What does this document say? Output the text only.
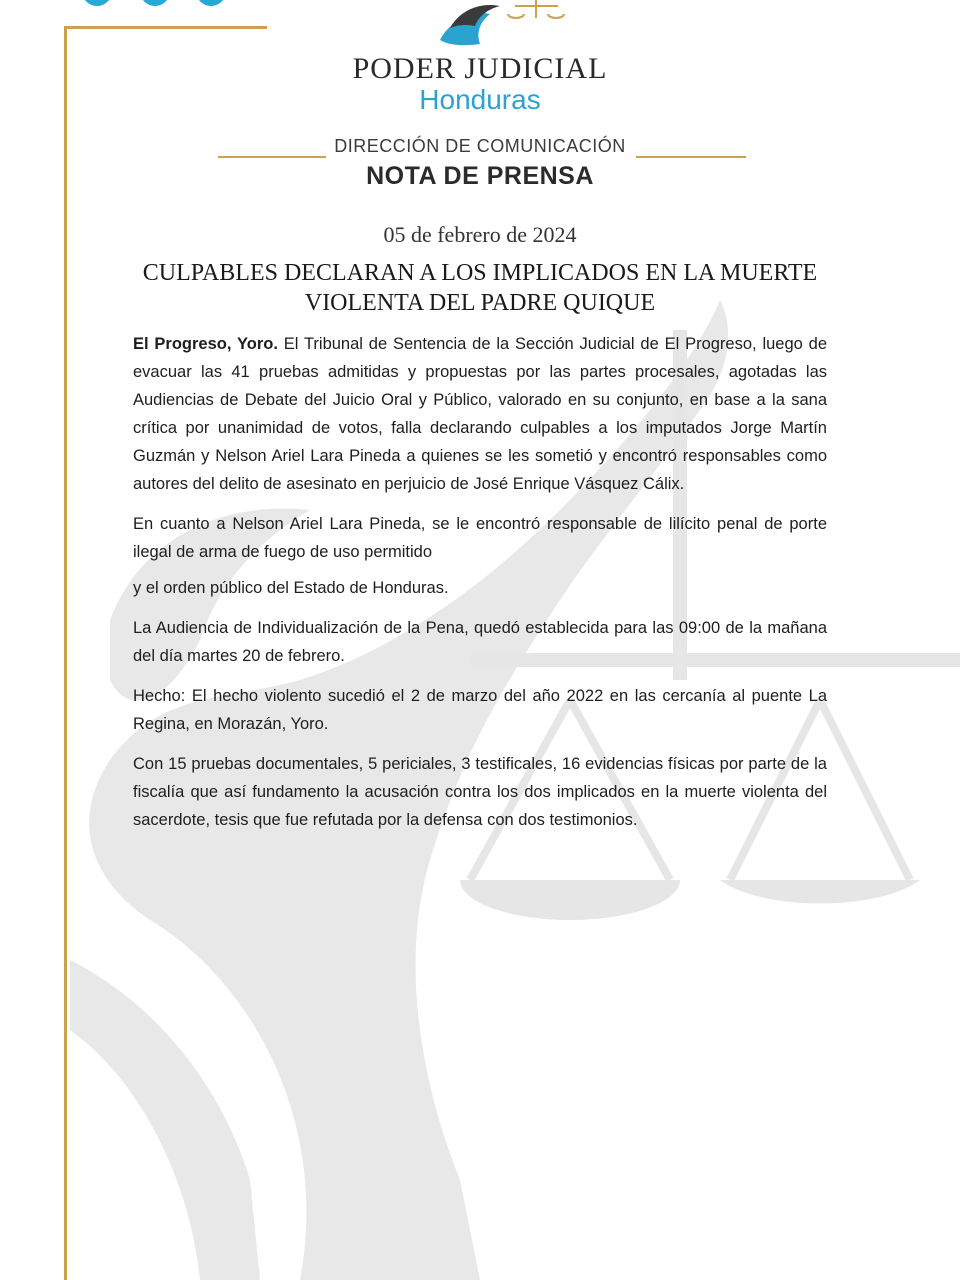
PODER JUDICIAL
Honduras
DIRECCIÓN DE COMUNICACIÓN
NOTA DE PRENSA
05 de febrero de 2024
CULPABLES DECLARAN A LOS IMPLICADOS EN LA MUERTE VIOLENTA DEL PADRE QUIQUE

El Progreso, Yoro. El Tribunal de Sentencia de la Sección Judicial de El Progreso, luego de evacuar las 41 pruebas admitidas y propuestas por las partes procesales, agotadas las Audiencias de Debate del Juicio Oral y Público, valorado en su conjunto, en base a la sana crítica por unanimidad de votos, falla declarando culpables a los imputados Jorge Martín Guzmán y Nelson Ariel Lara Pineda a quienes se les sometió y encontró responsables como autores del delito de asesinato en perjuicio de José Enrique Vásquez Cálix.

En cuanto a Nelson Ariel Lara Pineda, se le encontró responsable de lilícito penal de porte ilegal de arma de fuego de uso permitido

y el orden público del Estado de Honduras.

La Audiencia de Individualización de la Pena, quedó establecida para las 09:00 de la mañana del día martes 20 de febrero.

Hecho: El hecho violento sucedió el 2 de marzo del año 2022 en las cercanía al puente La Regina, en Morazán, Yoro.

Con 15 pruebas documentales, 5 periciales, 3 testificales, 16 evidencias físicas por parte de la fiscalía que así fundamento la acusación contra los dos implicados en la muerte violenta del sacerdote, tesis que fue refutada por la defensa con dos testimonios.
